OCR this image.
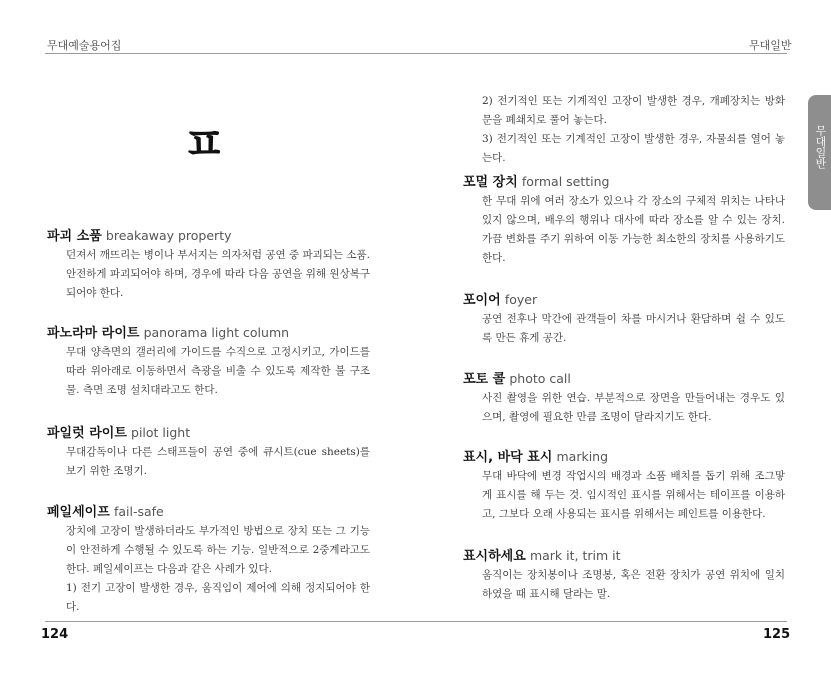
무대예술용어집	무대일반
무대일반
ㅍ
파괴 소품 breakaway property

던져서 깨뜨리는 병이나 부서지는 의자처럼 공연 중 파괴되는 소품. 안전하게 파괴되어야 하며, 경우에 따라 다음 공연을 위해 원상복구되어야 한다.

파노라마 라이트 panorama light column

무대 양측면의 갤러리에 가이드를 수직으로 고정시키고, 가이드를 따라 위아래로 이동하면서 측광을 비출 수 있도록 제작한 불 구조물. 측면 조명 설치대라고도 한다.

파일럿 라이트 pilot light

무대감독이나 다른 스태프들이 공연 중에 큐시트(cue sheets)를 보기 위한 조명기.

페일세이프 fail-safe

장치에 고장이 발생하더라도 부가적인 방법으로 장치 또는 그 기능이 안전하게 수행될 수 있도록 하는 기능. 일반적으로 2중계라고도 한다. 페일세이프는 다음과 같은 사례가 있다.

1) 전기 고장이 발생한 경우, 움직임이 제어에 의해 정지되어야 한다.

2) 전기적인 또는 기계적인 고장이 발생한 경우, 개폐장치는 방화문을 폐쇄치로 풀어 놓는다.

3) 전기적인 또는 기계적인 고장이 발생한 경우, 자물쇠를 열어 놓는다.

포멀 장치 formal setting

한 무대 위에 여러 장소가 있으나 각 장소의 구체적 위치는 나타나 있지 않으며, 배우의 행위나 대사에 따라 장소를 알 수 있는 장치. 가끔 변화를 주기 위하여 이동 가능한 최소한의 장치를 사용하기도 한다.

포이어 foyer

공연 전후나 막간에 관객들이 차를 마시거나 환담하며 쉴 수 있도록 만든 휴게 공간.

포토 콜 photo call

사진 촬영을 위한 연습. 부분적으로 장면을 만들어내는 경우도 있으며, 촬영에 필요한 만큼 조명이 달라지기도 한다.

표시, 바닥 표시 marking

무대 바닥에 변경 작업시의 배경과 소품 배치를 돕기 위해 조그맣게 표시를 해 두는 것. 임시적인 표시를 위해서는 테이프를 이용하고, 그보다 오래 사용되는 표시를 위해서는 페인트를 이용한다.

표시하세요 mark it, trim it

움직이는 장치봉이나 조명봉, 혹은 전환 장치가 공연 위치에 일치하였을 때 표시해 달라는 말.

124	125
